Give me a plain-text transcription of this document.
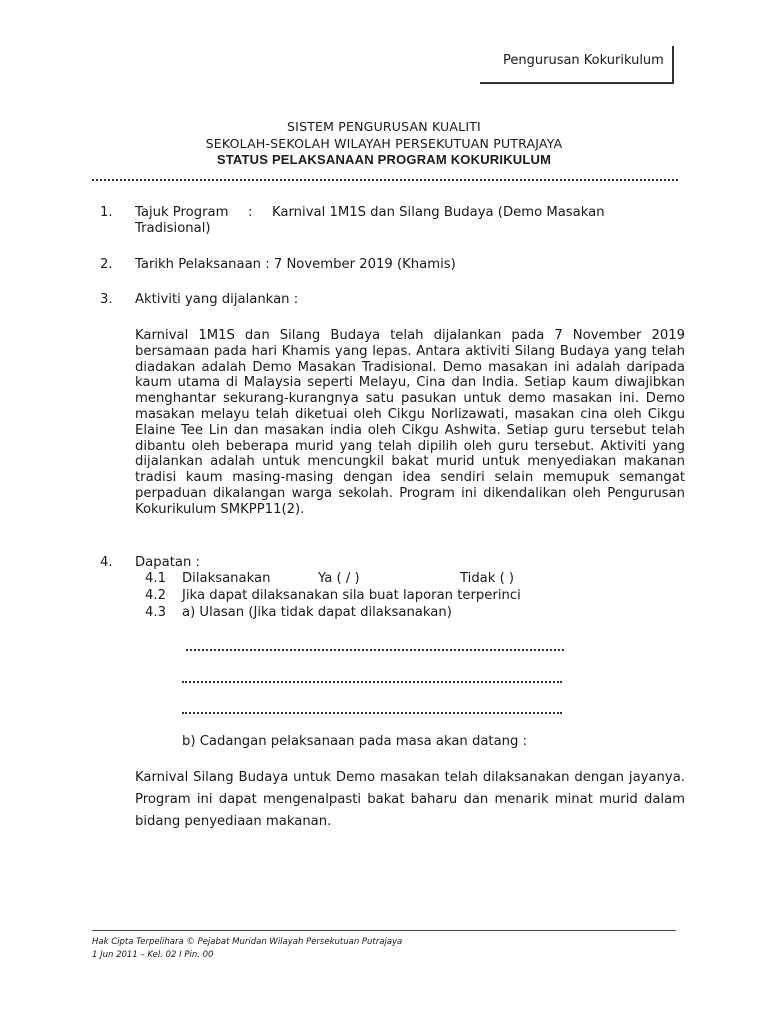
Pengurusan Kokurikulum
SISTEM PENGURUSAN KUALITI
SEKOLAH-SEKOLAH WILAYAH PERSEKUTUAN PUTRAJAYA
STATUS PELAKSANAAN PROGRAM KOKURIKULUM
1. Tajuk Program : Karnival 1M1S dan Silang Budaya (Demo Masakan
Tradisional)
2. Tarikh Pelaksanaan : 7 November 2019 (Khamis)
3. Aktiviti yang dijalankan :
Karnival 1M1S dan Silang Budaya telah dijalankan pada 7 November 2019 bersamaan pada hari Khamis yang lepas. Antara aktiviti Silang Budaya yang telah diadakan adalah Demo Masakan Tradisional. Demo masakan ini adalah daripada kaum utama di Malaysia seperti Melayu, Cina dan India. Setiap kaum diwajibkan menghantar sekurang-kurangnya satu pasukan untuk demo masakan ini. Demo masakan melayu telah diketuai oleh Cikgu Norlizawati, masakan cina oleh Cikgu Elaine Tee Lin dan masakan india oleh Cikgu Ashwita. Setiap guru tersebut telah dibantu oleh beberapa murid yang telah dipilih oleh guru tersebut. Aktiviti yang dijalankan adalah untuk mencungkil bakat murid untuk menyediakan makanan tradisi kaum masing-masing dengan idea sendiri selain memupuk semangat perpaduan dikalangan warga sekolah. Program ini dikendalikan oleh Pengurusan Kokurikulum SMKPP11(2).
4. Dapatan :
4.1 Dilaksanakan	Ya ( / )	Tidak ( )
4.2 Jika dapat dilaksanakan sila buat laporan terperinci
4.3 a) Ulasan (Jika tidak dapat dilaksanakan)
b) Cadangan pelaksanaan pada masa akan datang :
Karnival Silang Budaya untuk Demo masakan telah dilaksanakan dengan jayanya. Program ini dapat mengenalpasti bakat baharu dan menarik minat murid dalam bidang penyediaan makanan.
Hak Cipta Terpelihara © Pejabat Muridan Wilayah Persekutuan Putrajaya
1 Jun 2011 – Kel. 02 I Pin. 00
